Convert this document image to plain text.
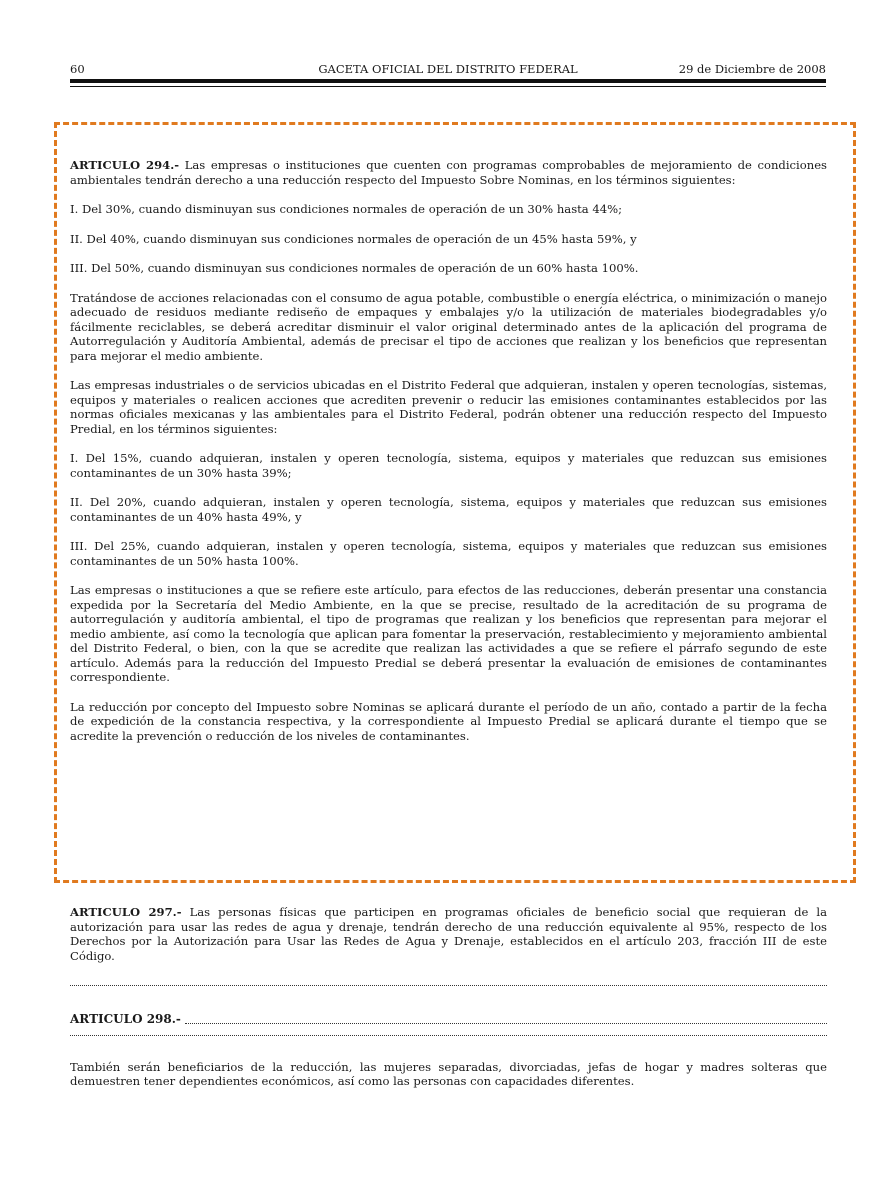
60	GACETA OFICIAL DEL DISTRITO FEDERAL	29 de Diciembre de 2008

ARTICULO 294.- Las empresas o instituciones que cuenten con programas comprobables de mejoramiento de condiciones ambientales tendrán derecho a una reducción respecto del Impuesto Sobre Nominas, en los términos siguientes:

I. Del 30%, cuando disminuyan sus condiciones normales de operación de un 30% hasta 44%;

II. Del 40%, cuando disminuyan sus condiciones normales de operación de un 45% hasta 59%, y

III. Del 50%, cuando disminuyan sus condiciones normales de operación de un 60% hasta 100%.

Tratándose de acciones relacionadas con el consumo de agua potable, combustible o energía eléctrica, o minimización o manejo adecuado de residuos mediante rediseño de empaques y embalajes y/o la utilización de materiales biodegradables y/o fácilmente reciclables, se deberá acreditar disminuir el valor original determinado antes de la aplicación del programa de Autorregulación y Auditoría Ambiental, además de precisar el tipo de acciones que realizan y los beneficios que representan para mejorar el medio ambiente.

Las empresas industriales o de servicios ubicadas en el Distrito Federal que adquieran, instalen y operen tecnologías, sistemas, equipos y materiales o realicen acciones que acrediten prevenir o reducir las emisiones contaminantes establecidos por las normas oficiales mexicanas y las ambientales para el Distrito Federal, podrán obtener una reducción respecto del Impuesto Predial, en los términos siguientes:

I. Del 15%, cuando adquieran, instalen y operen tecnología, sistema, equipos y materiales que reduzcan sus emisiones contaminantes de un 30% hasta 39%;

II. Del 20%, cuando adquieran, instalen y operen tecnología, sistema, equipos y materiales que reduzcan sus emisiones contaminantes de un 40% hasta 49%, y

III. Del 25%, cuando adquieran, instalen y operen tecnología, sistema, equipos y materiales que reduzcan sus emisiones contaminantes de un 50% hasta 100%.

Las empresas o instituciones a que se refiere este artículo, para efectos de las reducciones, deberán presentar una constancia expedida por la Secretaría del Medio Ambiente, en la que se precise, resultado de la acreditación de su programa de autorregulación y auditoría ambiental, el tipo de programas que realizan y los beneficios que representan para mejorar el medio ambiente, así como la tecnología que aplican para fomentar la preservación, restablecimiento y mejoramiento ambiental del Distrito Federal, o bien, con la que se acredite que realizan las actividades a que se refiere el párrafo segundo de este artículo. Además para la reducción del Impuesto Predial se deberá presentar la evaluación de emisiones de contaminantes correspondiente.

La reducción por concepto del Impuesto sobre Nominas se aplicará durante el período de un año, contado a partir de la fecha de expedición de la constancia respectiva, y la correspondiente al Impuesto Predial se aplicará durante el tiempo que se acredite la prevención o reducción de los niveles de contaminantes.

ARTICULO 297.- Las personas físicas que participen en programas oficiales de beneficio social que requieran de la autorización para usar las redes de agua y drenaje, tendrán derecho de una reducción equivalente al 95%, respecto de los Derechos por la Autorización para Usar las Redes de Agua y Drenaje, establecidos en el artículo 203, fracción III de este Código.

ARTICULO 298.-

También serán beneficiarios de la reducción, las mujeres separadas, divorciadas, jefas de hogar y madres solteras que demuestren tener dependientes económicos, así como las personas con capacidades diferentes.
